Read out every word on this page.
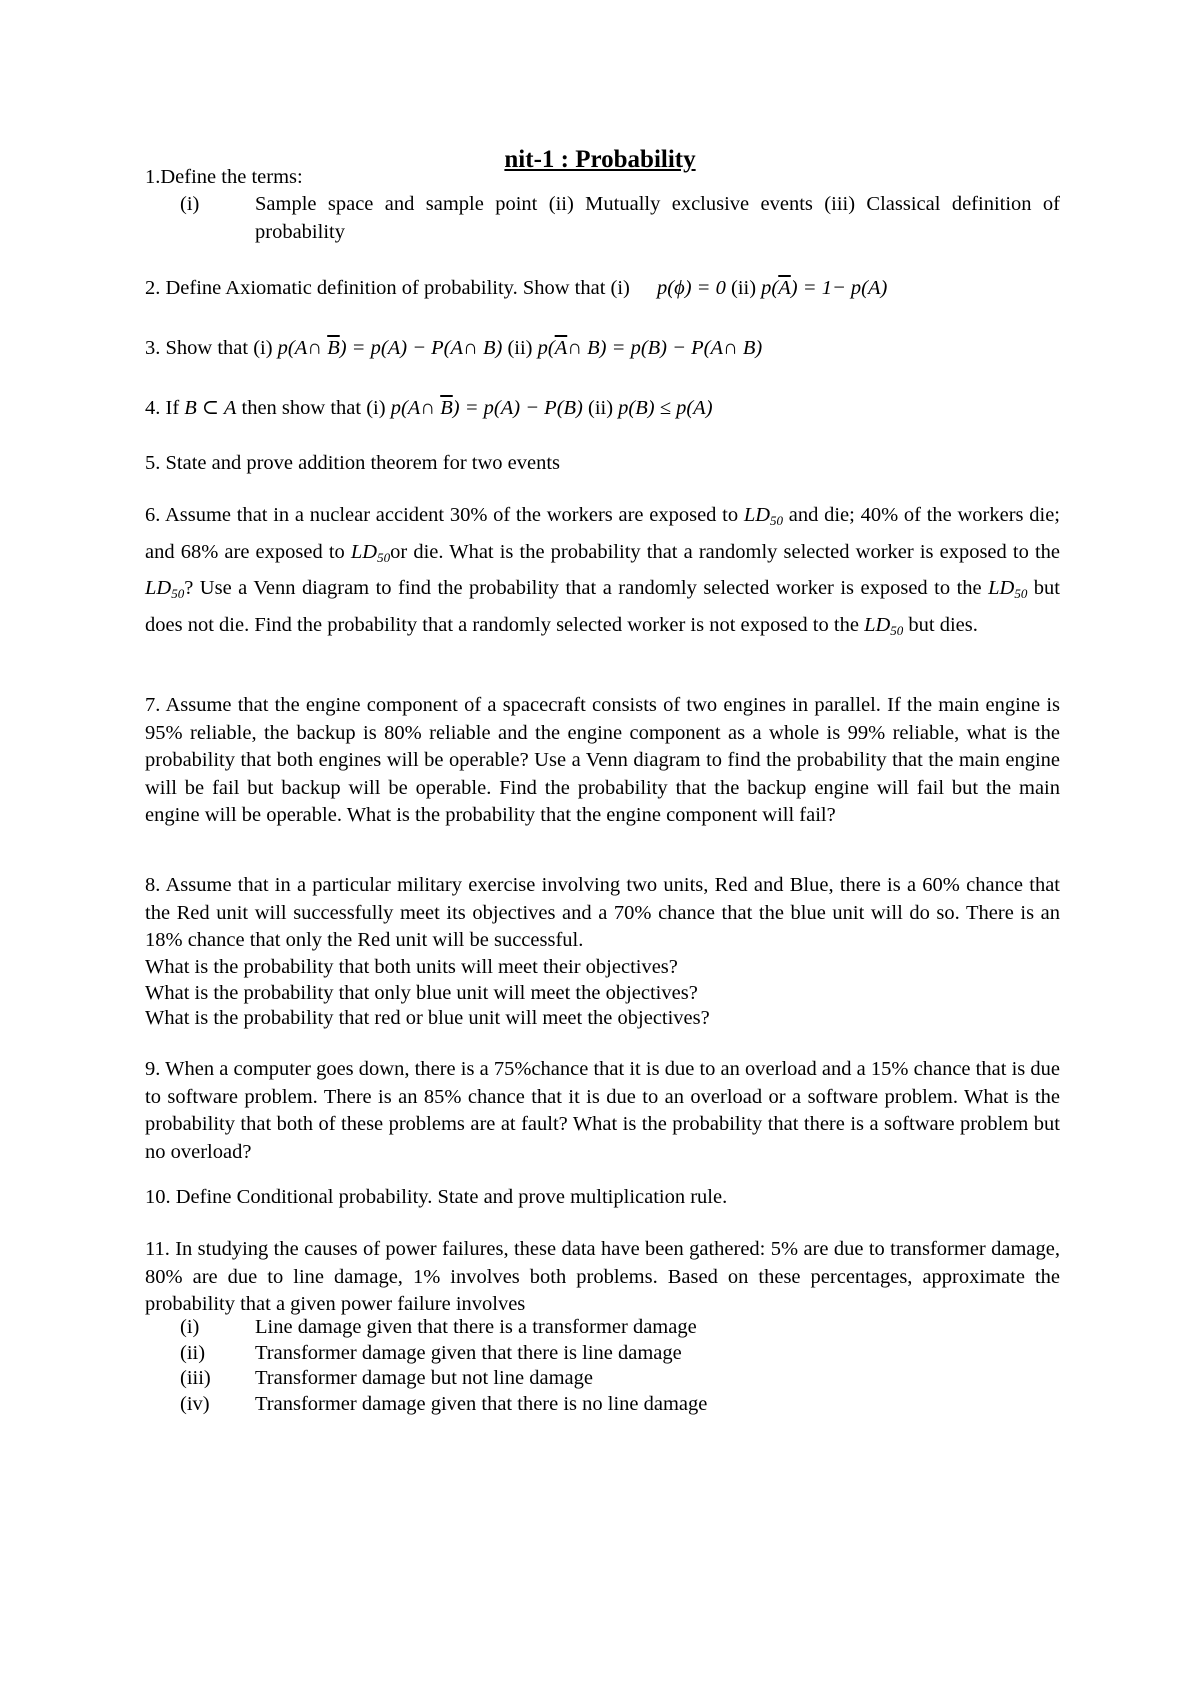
nit-1 : Probability
1.Define the terms:
(i)	Sample space and sample point (ii) Mutually exclusive events (iii) Classical definition of probability
2. Define Axiomatic definition of probability. Show that (i) p(ϕ) = 0 (ii) $p(\overline{A}) = 1- p(A)$
3. Show that (i) p(A∩ $\overline{B}) = p(A)$ − P(A∩ B) (ii) $p(\overline{A}\cap$ B) = p(B) − P(A∩ B)
4. If B ⊂ A then show that (i) p(A∩ $\overline{B}) = p(A) - P(B)$ (ii) p(B) ≤ p(A)
5. State and prove addition theorem for two events
6. Assume that in a nuclear accident 30% of the workers are exposed to $LD_{50}$ and die; 40% of the workers die; and 68% are exposed to $LD_{50}or$ die. What is the probability that a randomly selected worker is exposed to the $LD_{50}$? Use a Venn diagram to find the probability that a randomly selected worker is exposed to the $LD_{50}$ but does not die. Find the probability that a randomly selected worker is not exposed to the $LD_{50}$ but dies.
7. Assume that the engine component of a spacecraft consists of two engines in parallel. If the main engine is 95% reliable, the backup is 80% reliable and the engine component as a whole is 99% reliable, what is the probability that both engines will be operable? Use a Venn diagram to find the probability that the main engine will be fail but backup will be operable. Find the probability that the backup engine will fail but the main engine will be operable. What is the probability that the engine component will fail?
8. Assume that in a particular military exercise involving two units, Red and Blue, there is a 60% chance that the Red unit will successfully meet its objectives and a 70% chance that the blue unit will do so. There is an 18% chance that only the Red unit will be successful.
What is the probability that both units will meet their objectives?
What is the probability that only blue unit will meet the objectives?
What is the probability that red or blue unit will meet the objectives?
9. When a computer goes down, there is a 75%chance that it is due to an overload and a 15% chance that is due to software problem. There is an 85% chance that it is due to an overload or a software problem. What is the probability that both of these problems are at fault? What is the probability that there is a software problem but no overload?
10. Define Conditional probability. State and prove multiplication rule.
11. In studying the causes of power failures, these data have been gathered: 5% are due to transformer damage, 80% are due to line damage, 1% involves both problems. Based on these percentages, approximate the probability that a given power failure involves
(i)	Line damage given that there is a transformer damage
(ii) Transformer damage given that there is line damage
(iii) Transformer damage but not line damage
(iv) Transformer damage given that there is no line damage
